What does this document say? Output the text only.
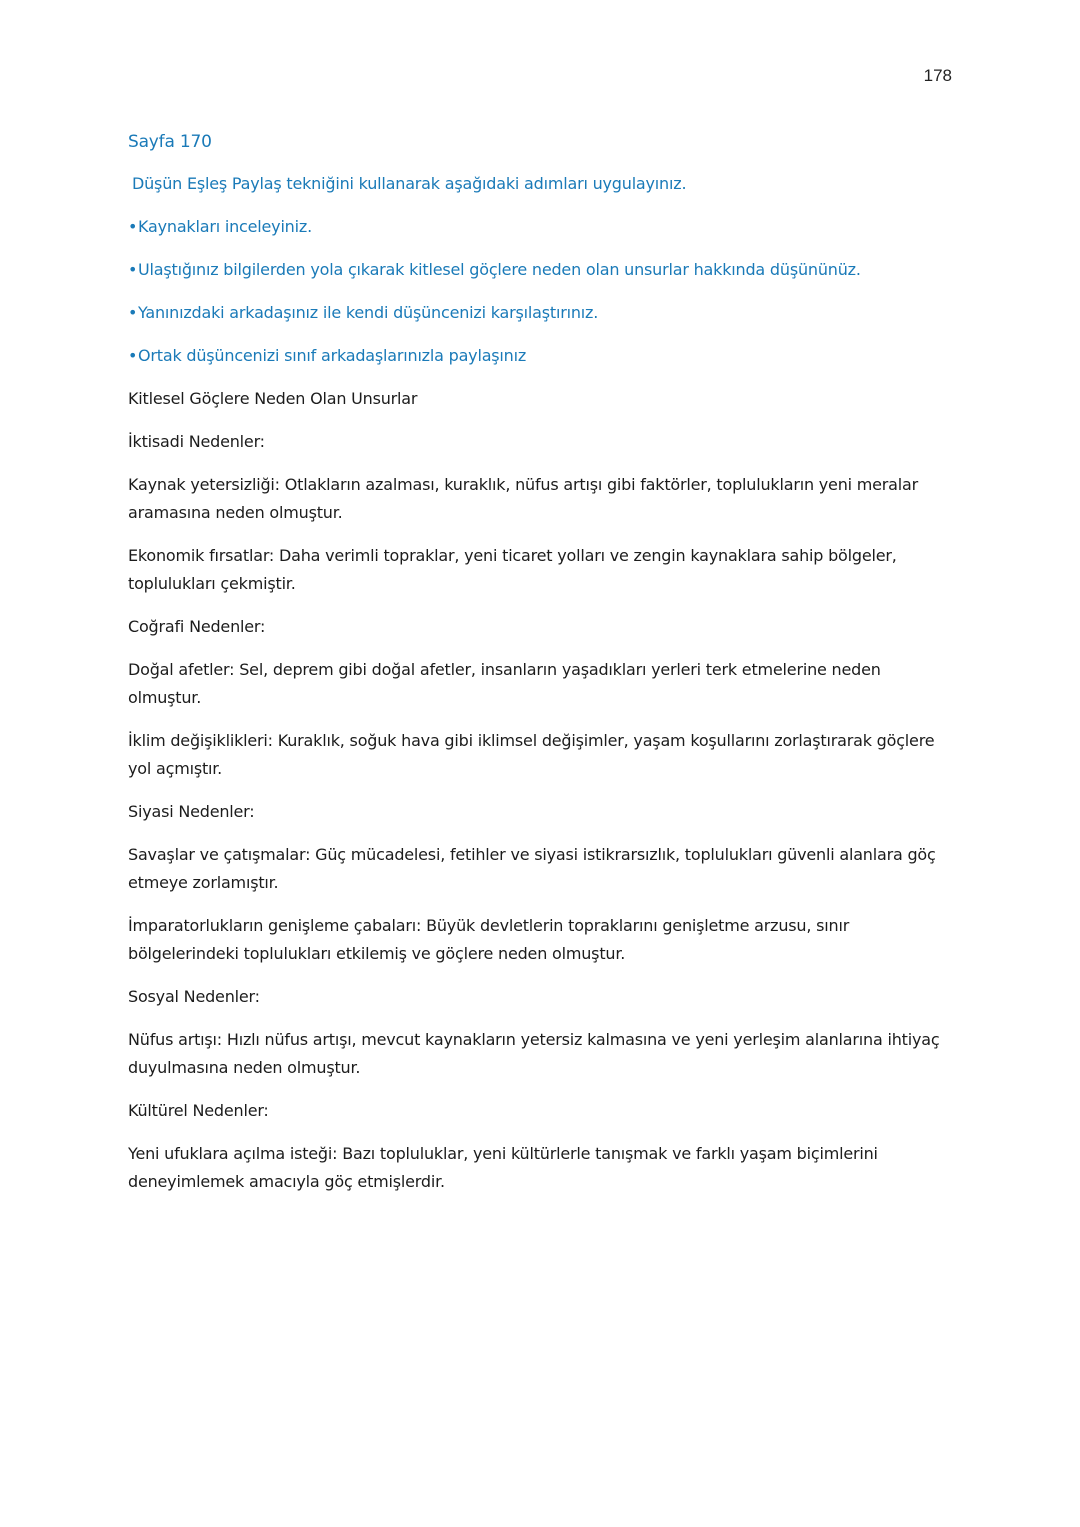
178
Sayfa 170
Düşün Eşleş Paylaş tekniğini kullanarak aşağıdaki adımları uygulayınız.
• Kaynakları inceleyiniz.
• Ulaştığınız bilgilerden yola çıkarak kitlesel göçlere neden olan unsurlar hakkında düşününüz.
• Yanınızdaki arkadaşınız ile kendi düşüncenizi karşılaştırınız.
• Ortak düşüncenizi sınıf arkadaşlarınızla paylaşınız
Kitlesel Göçlere Neden Olan Unsurlar
İktisadi Nedenler:
Kaynak yetersizliği: Otlakların azalması, kuraklık, nüfus artışı gibi faktörler, toplulukların yeni meralar aramasına neden olmuştur.
Ekonomik fırsatlar: Daha verimli topraklar, yeni ticaret yolları ve zengin kaynaklara sahip bölgeler, toplulukları çekmiştir.
Coğrafi Nedenler:
Doğal afetler: Sel, deprem gibi doğal afetler, insanların yaşadıkları yerleri terk etmelerine neden olmuştur.
İklim değişiklikleri: Kuraklık, soğuk hava gibi iklimsel değişimler, yaşam koşullarını zorlaştırarak göçlere yol açmıştır.
Siyasi Nedenler:
Savaşlar ve çatışmalar: Güç mücadelesi, fetihler ve siyasi istikrarsızlık, toplulukları güvenli alanlara göç etmeye zorlamıştır.
İmparatorlukların genişleme çabaları: Büyük devletlerin topraklarını genişletme arzusu, sınır bölgelerindeki toplulukları etkilemiş ve göçlere neden olmuştur.
Sosyal Nedenler:
Nüfus artışı: Hızlı nüfus artışı, mevcut kaynakların yetersiz kalmasına ve yeni yerleşim alanlarına ihtiyaç duyulmasına neden olmuştur.
Kültürel Nedenler:
Yeni ufuklara açılma isteği: Bazı topluluklar, yeni kültürlerle tanışmak ve farklı yaşam biçimlerini deneyimlemek amacıyla göç etmişlerdir.
